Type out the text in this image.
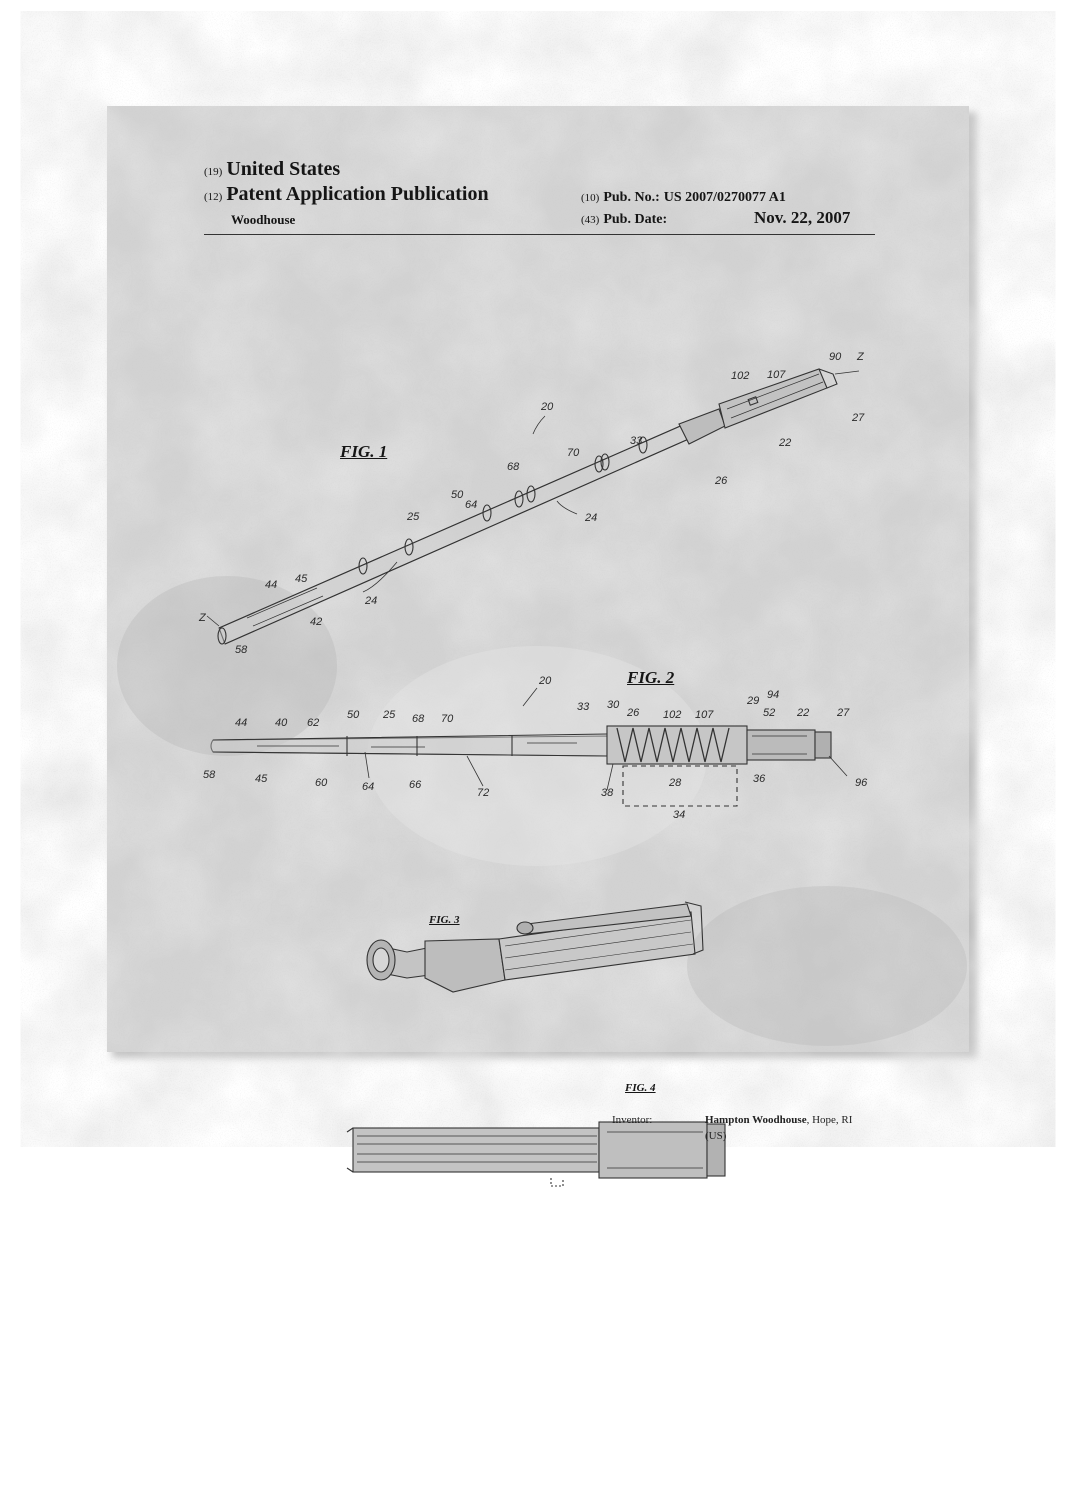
(19) United States
(12) Patent Application Publication	(10) Pub. No.: US 2007/0270077 A1
Woodhouse	(43) Pub. Date:	Nov. 22, 2007
20
90
102 107
27
22
26
33
70
68
64
50
25	24
24
45
44
42
58
Z
Z
20
44	40 62
50 25 68 70
33 30
26 102 107
29 94
52 22	27
58	45	60	64	66
72	38
28	36	96
34
FIG. 1
FIG. 2
FIG. 3
FIG. 4
Inventor:	Hampton Woodhouse, Hope, RI
(US)
